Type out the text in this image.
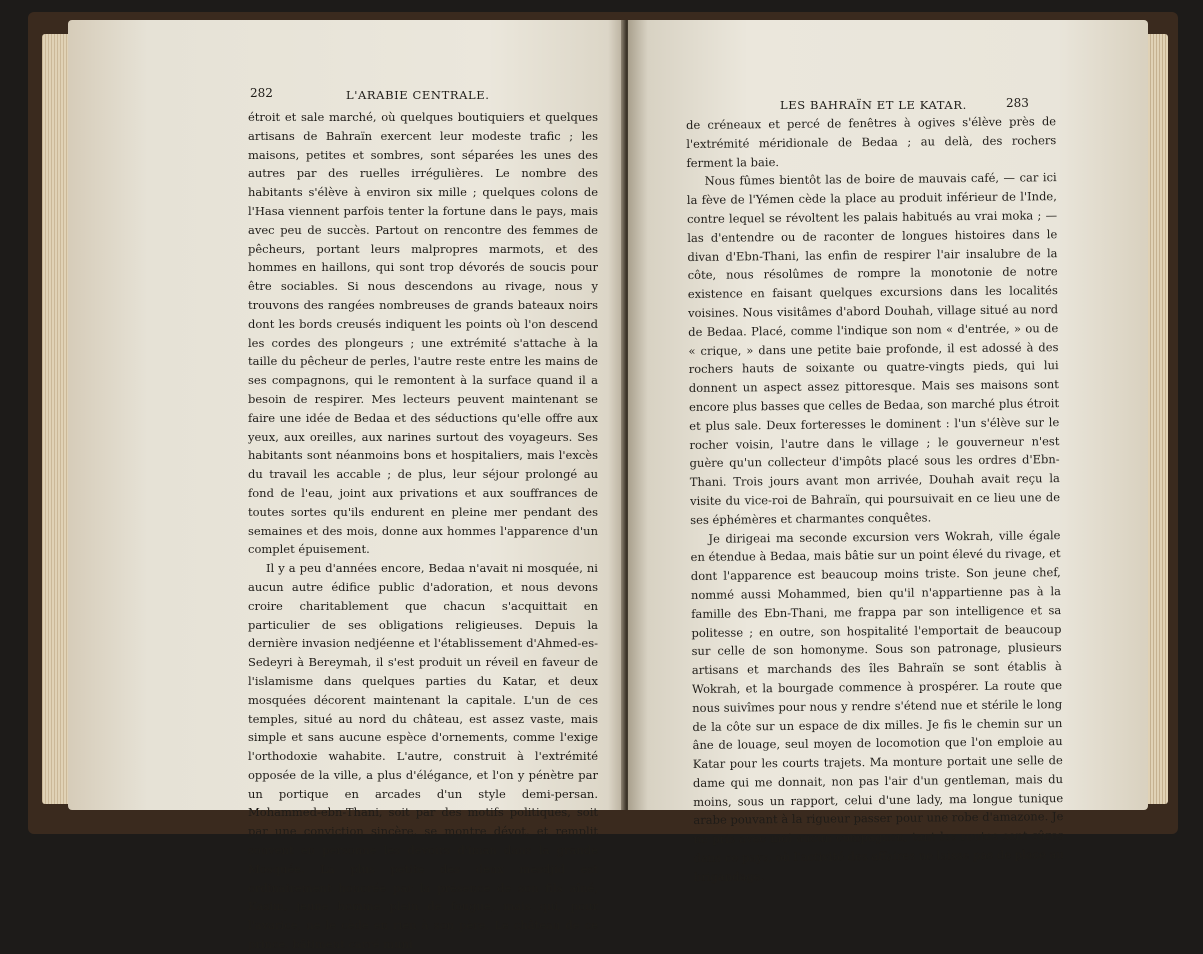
282	L'ARABIE CENTRALE.

étroit et sale marché, où quelques boutiquiers et quelques artisans de Bahraïn exercent leur modeste trafic ; les maisons, petites et sombres, sont séparées les unes des autres par des ruelles irrégulières. Le nombre des habitants s'élève à environ six mille ; quelques colons de l'Hasa viennent parfois tenter la fortune dans le pays, mais avec peu de succès. Partout on rencontre des femmes de pêcheurs, portant leurs malpropres marmots, et des hommes en haillons, qui sont trop dévorés de soucis pour être sociables. Si nous descendons au rivage, nous y trouvons des rangées nombreuses de grands bateaux noirs dont les bords creusés indiquent les points où l'on descend les cordes des plongeurs ; une extrémité s'attache à la taille du pêcheur de perles, l'autre reste entre les mains de ses compagnons, qui le remontent à la surface quand il a besoin de respirer. Mes lecteurs peuvent maintenant se faire une idée de Bedaa et des séductions qu'elle offre aux yeux, aux oreilles, aux narines surtout des voyageurs. Ses habitants sont néanmoins bons et hospitaliers, mais l'excès du travail les accable ; de plus, leur séjour prolongé au fond de l'eau, joint aux privations et aux souffrances de toutes sortes qu'ils endurent en pleine mer pendant des semaines et des mois, donne aux hommes l'apparence d'un complet épuisement.

Il y a peu d'années encore, Bedaa n'avait ni mosquée, ni aucun autre édifice public d'adoration, et nous devons croire charitablement que chacun s'acquittait en particulier de ses obligations religieuses. Depuis la dernière invasion nedjéenne et l'établissement d'Ahmed-es-Sedeyri à Bereymah, il s'est produit un réveil en faveur de l'islamisme dans quelques parties du Katar, et deux mosquées décorent maintenant la capitale. L'un de ces temples, situé au nord du château, est assez vaste, mais simple et sans aucune espèce d'ornements, comme l'exige l'orthodoxie wahabite. L'autre, construit à l'extrémité opposée de la ville, a plus d'élégance, et l'on y pénètre par un portique en arcades d'un style demi-persan. Mohammed-ebn-Thani, soit par des motifs politiques, soit par une conviction sincère, se montre dévot, et remplit souvent en personne les devoirs d'iman dans la grande Mosquée. La plus petite des deux mesdjid est ordinairement honorée par la présence de son fils aîné, Kasim, jeune homme plein de fougue, mais qui, pour l'avarice, ne le cède en rien à son père. Le château de ce prince, bâtiment carré muni

LES BAHRAÏN ET LE KATAR.	283

de créneaux et percé de fenêtres à ogives s'élève près de l'extrémité méridionale de Bedaa ; au delà, des rochers ferment la baie.

Nous fûmes bientôt las de boire de mauvais café, — car ici la fève de l'Yémen cède la place au produit inférieur de l'Inde, contre lequel se révoltent les palais habitués au vrai moka ; — las d'entendre ou de raconter de longues histoires dans le divan d'Ebn-Thani, las enfin de respirer l'air insalubre de la côte, nous résolûmes de rompre la monotonie de notre existence en faisant quelques excursions dans les localités voisines. Nous visitâmes d'abord Douhah, village situé au nord de Bedaa. Placé, comme l'indique son nom « d'entrée, » ou de « crique, » dans une petite baie profonde, il est adossé à des rochers hauts de soixante ou quatre-vingts pieds, qui lui donnent un aspect assez pittoresque. Mais ses maisons sont encore plus basses que celles de Bedaa, son marché plus étroit et plus sale. Deux forteresses le dominent : l'un s'élève sur le rocher voisin, l'autre dans le village ; le gouverneur n'est guère qu'un collecteur d'impôts placé sous les ordres d'Ebn-Thani. Trois jours avant mon arrivée, Douhah avait reçu la visite du vice-roi de Bahraïn, qui poursuivait en ce lieu une de ses éphémères et charmantes conquêtes.

Je dirigeai ma seconde excursion vers Wokrah, ville égale en étendue à Bedaa, mais bâtie sur un point élevé du rivage, et dont l'apparence est beaucoup moins triste. Son jeune chef, nommé aussi Mohammed, bien qu'il n'appartienne pas à la famille des Ebn-Thani, me frappa par son intelligence et sa politesse ; en outre, son hospitalité l'emportait de beaucoup sur celle de son homonyme. Sous son patronage, plusieurs artisans et marchands des îles Bahraïn se sont établis à Wokrah, et la bourgade commence à prospérer. La route que nous suivîmes pour nous y rendre s'étend nue et stérile le long de la côte sur un espace de dix milles. Je fis le chemin sur un âne de louage, seul moyen de locomotion que l'on emploie au Katar pour les courts trajets. Ma monture portait une selle de dame qui me donnait, non pas l'air d'un gentleman, mais du moins, sous un rapport, celui d'une lady, ma longue tunique arabe pouvant à la rigueur passer pour une robe d'amazone. Je ne pris avec moi aucun compagnon, tant les routes sont sûres dans ce pays, où l'activité des affaires ne laisse pas de place au brigandage.
